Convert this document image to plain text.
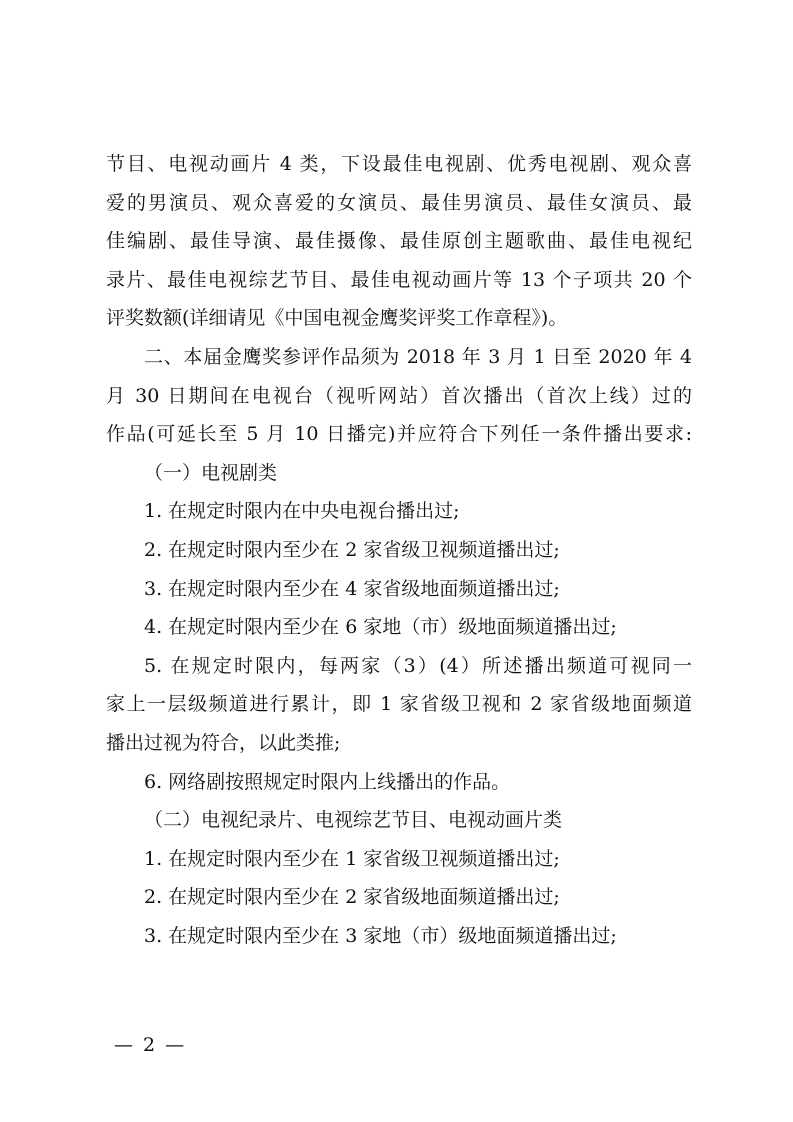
节目、电视动画片 4 类，下设最佳电视剧、优秀电视剧、观众喜
爱的男演员、观众喜爱的女演员、最佳男演员、最佳女演员、最
佳编剧、最佳导演、最佳摄像、最佳原创主题歌曲、最佳电视纪
录片、最佳电视综艺节目、最佳电视动画片等 13 个子项共 20 个
评奖数额(详细请见《中国电视金鹰奖评奖工作章程》)。
二、本届金鹰奖参评作品须为 2018 年 3 月 1 日至 2020 年 4
月 30 日期间在电视台（视听网站）首次播出（首次上线）过的
作品(可延长至 5 月 10 日播完)并应符合下列任一条件播出要求:
（一）电视剧类
1. 在规定时限内在中央电视台播出过;
2. 在规定时限内至少在 2 家省级卫视频道播出过;
3. 在规定时限内至少在 4 家省级地面频道播出过;
4. 在规定时限内至少在 6 家地（市）级地面频道播出过;
5. 在规定时限内，每两家（3）(4）所述播出频道可视同一
家上一层级频道进行累计，即 1 家省级卫视和 2 家省级地面频道
播出过视为符合，以此类推;
6. 网络剧按照规定时限内上线播出的作品。
（二）电视纪录片、电视综艺节目、电视动画片类
1. 在规定时限内至少在 1 家省级卫视频道播出过;
2. 在规定时限内至少在 2 家省级地面频道播出过;
3. 在规定时限内至少在 3 家地（市）级地面频道播出过;
— 2 —
